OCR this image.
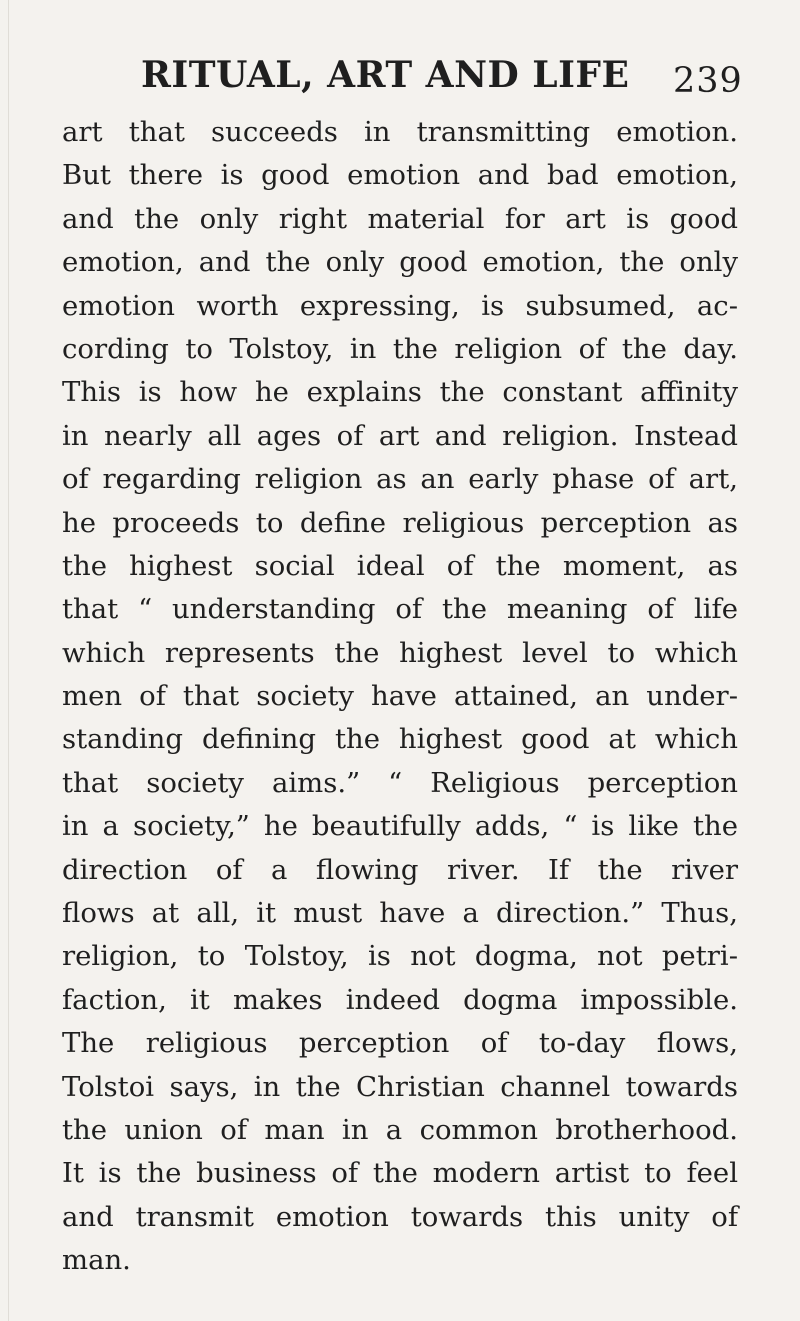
RITUAL, ART AND LIFE 239

art that succeeds in transmitting emotion.
But there is good emotion and bad emotion,
and the only right material for art is good
emotion, and the only good emotion, the only
emotion worth expressing, is subsumed, ac-
cording to Tolstoy, in the religion of the day.
This is how he explains the constant affinity
in nearly all ages of art and religion. Instead
of regarding religion as an early phase of art,
he proceeds to define religious perception as
the highest social ideal of the moment, as
that “ understanding of the meaning of life
which represents the highest level to which
men of that society have attained, an under-
standing defining the highest good at which
that society aims.” “ Religious perception
in a society,” he beautifully adds, “ is like the
direction of a flowing river. If the river
flows at all, it must have a direction.” Thus,
religion, to Tolstoy, is not dogma, not petri-
faction, it makes indeed dogma impossible.
The religious perception of to-day flows,
Tolstoi says, in the Christian channel towards
the union of man in a common brotherhood.
It is the business of the modern artist to feel
and transmit emotion towards this unity of
man.
